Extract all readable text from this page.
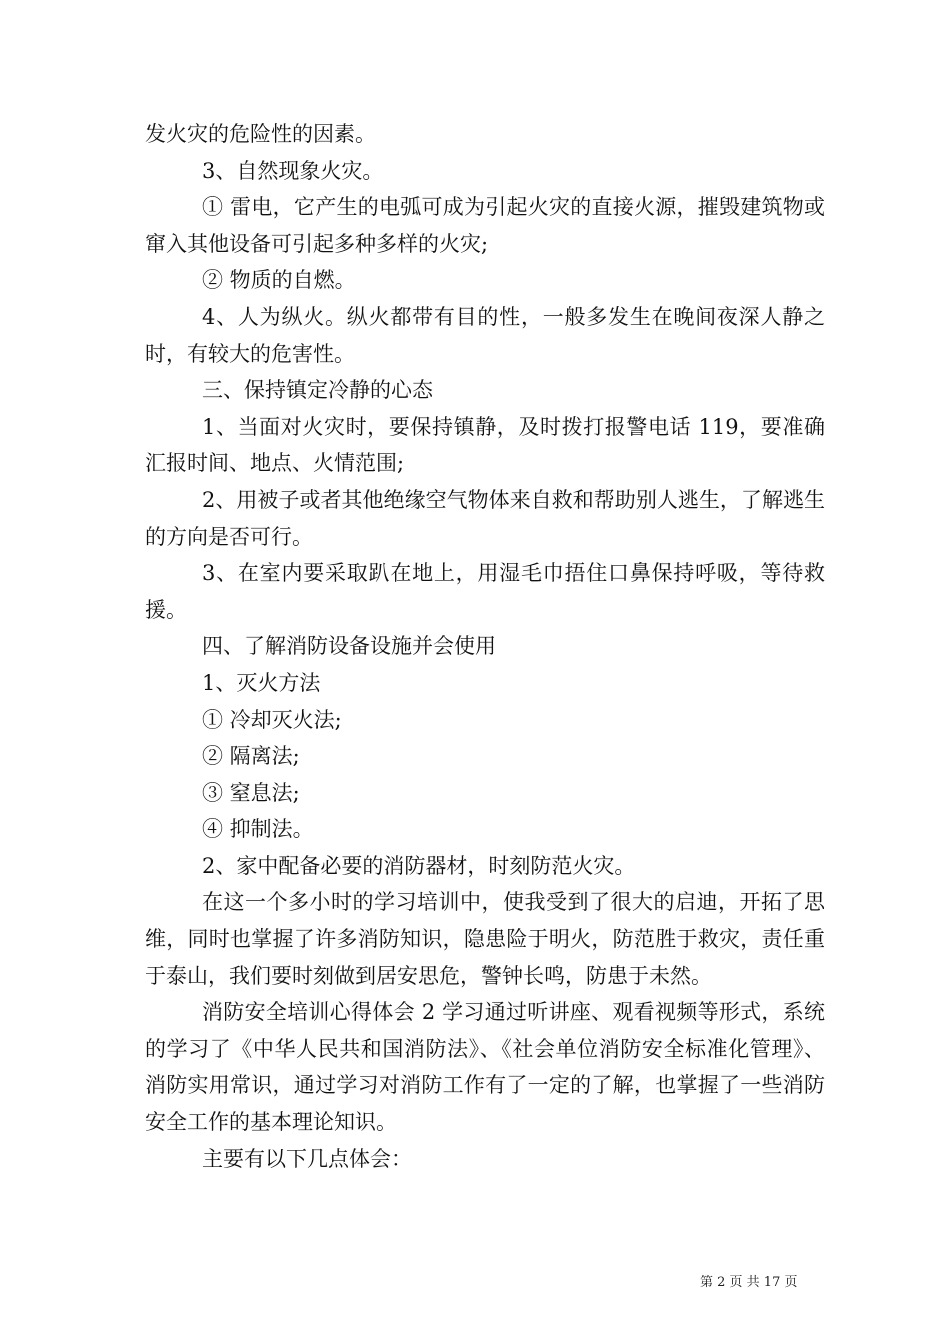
发火灾的危险性的因素。

3、自然现象火灾。

① 雷电，它产生的电弧可成为引起火灾的直接火源，摧毁建筑物或窜入其他设备可引起多种多样的火灾;

② 物质的自燃。

4、人为纵火。纵火都带有目的性，一般多发生在晚间夜深人静之时，有较大的危害性。

三、保持镇定冷静的心态

1、当面对火灾时，要保持镇静，及时拨打报警电话 119，要准确汇报时间、地点、火情范围;

2、用被子或者其他绝缘空气物体来自救和帮助别人逃生，了解逃生的方向是否可行。

3、在室内要采取趴在地上，用湿毛巾捂住口鼻保持呼吸，等待救援。

四、了解消防设备设施并会使用

1、灭火方法

① 冷却灭火法;

② 隔离法;

③ 窒息法;

④ 抑制法。

2、家中配备必要的消防器材，时刻防范火灾。

在这一个多小时的学习培训中，使我受到了很大的启迪，开拓了思维，同时也掌握了许多消防知识，隐患险于明火，防范胜于救灾，责任重于泰山，我们要时刻做到居安思危，警钟长鸣，防患于未然。

消防安全培训心得体会 2 学习通过听讲座、观看视频等形式，系统的学习了《中华人民共和国消防法》、《社会单位消防安全标准化管理》、消防实用常识，通过学习对消防工作有了一定的了解，也掌握了一些消防安全工作的基本理论知识。

主要有以下几点体会：

第 2 页 共 17 页
